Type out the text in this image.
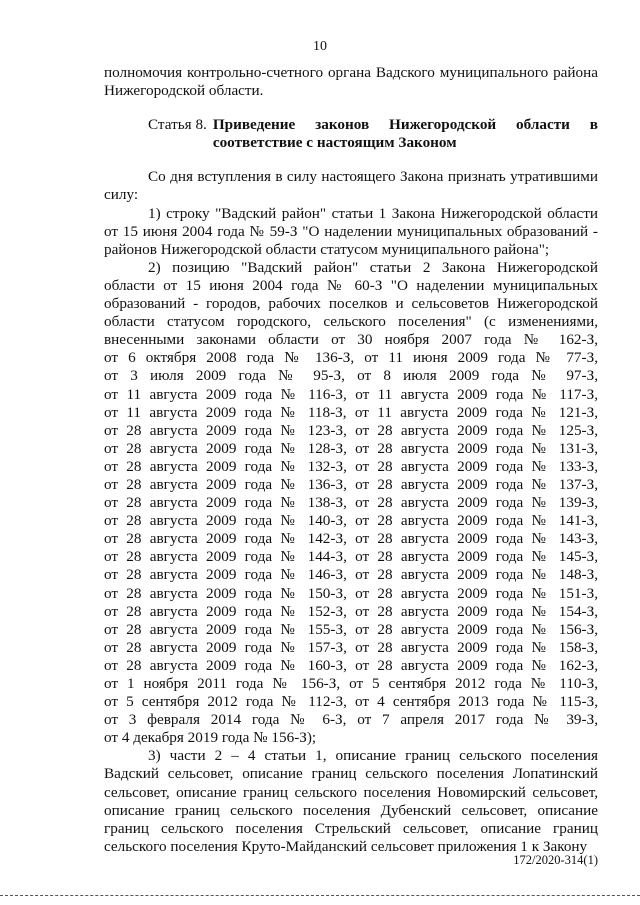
10

полномочия контрольно-счетного органа Вадского муниципального района Нижегородской области.

Статья 8. Приведение законов Нижегородской области в соответствие с настоящим Законом

Со дня вступления в силу настоящего Закона признать утратившими силу:

1) строку "Вадский район" статьи 1 Закона Нижегородской области от 15 июня 2004 года № 59-З "О наделении муниципальных образований - районов Нижегородской области статусом муниципального района";

2) позицию "Вадский район" статьи 2 Закона Нижегородской области от 15 июня 2004 года № 60-З "О наделении муниципальных образований - городов, рабочих поселков и сельсоветов Нижегородской области статусом городского, сельского поселения" (с изменениями, внесенными законами области от 30 ноября 2007 года № 162-З,

от 6 октября 2008 года № 136-З, от 11 июня 2009 года № 77-З,
от 3 июля 2009 года № 95-З, от 8 июля 2009 года № 97-З,
от 11 августа 2009 года № 116-З, от 11 августа 2009 года № 117-З,
от 11 августа 2009 года № 118-З, от 11 августа 2009 года № 121-З,
от 28 августа 2009 года № 123-З, от 28 августа 2009 года № 125-З,
от 28 августа 2009 года № 128-З, от 28 августа 2009 года № 131-З,
от 28 августа 2009 года № 132-З, от 28 августа 2009 года № 133-З,
от 28 августа 2009 года № 136-З, от 28 августа 2009 года № 137-З,
от 28 августа 2009 года № 138-З, от 28 августа 2009 года № 139-З,
от 28 августа 2009 года № 140-З, от 28 августа 2009 года № 141-З,
от 28 августа 2009 года № 142-З, от 28 августа 2009 года № 143-З,
от 28 августа 2009 года № 144-З, от 28 августа 2009 года № 145-З,
от 28 августа 2009 года № 146-З, от 28 августа 2009 года № 148-З,
от 28 августа 2009 года № 150-З, от 28 августа 2009 года № 151-З,
от 28 августа 2009 года № 152-З, от 28 августа 2009 года № 154-З,
от 28 августа 2009 года № 155-З, от 28 августа 2009 года № 156-З,
от 28 августа 2009 года № 157-З, от 28 августа 2009 года № 158-З,
от 28 августа 2009 года № 160-З, от 28 августа 2009 года № 162-З,
от 1 ноября 2011 года № 156-З, от 5 сентября 2012 года № 110-З,
от 5 сентября 2012 года № 112-З, от 4 сентября 2013 года № 115-З,
от 3 февраля 2014 года № 6-З, от 7 апреля 2017 года № 39-З,

от 4 декабря 2019 года № 156-З);

3) части 2 – 4 статьи 1, описание границ сельского поселения Вадский сельсовет, описание границ сельского поселения Лопатинский сельсовет, описание границ сельского поселения Новомирский сельсовет, описание границ сельского поселения Дубенский сельсовет, описание границ сельского поселения Стрельский сельсовет, описание границ сельского поселения Круто-Майданский сельсовет приложения 1 к Закону

172/2020-314(1)
